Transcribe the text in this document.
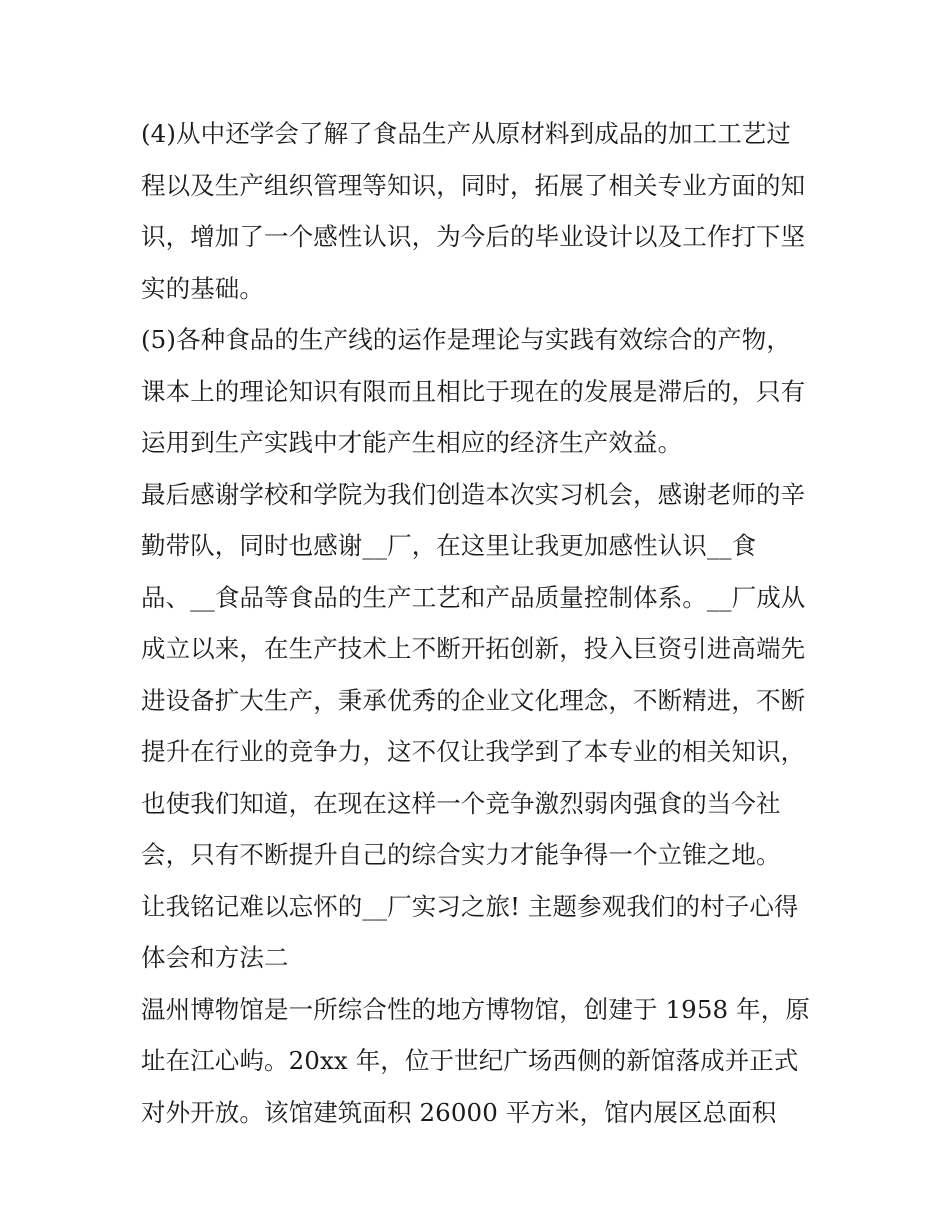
(4)从中还学会了解了食品生产从原材料到成品的加工工艺过
程以及生产组织管理等知识，同时，拓展了相关专业方面的知
识，增加了一个感性认识，为今后的毕业设计以及工作打下坚
实的基础。
(5)各种食品的生产线的运作是理论与实践有效综合的产物，
课本上的理论知识有限而且相比于现在的发展是滞后的，只有
运用到生产实践中才能产生相应的经济生产效益。
最后感谢学校和学院为我们创造本次实习机会，感谢老师的辛
勤带队，同时也感谢__厂，在这里让我更加感性认识__食
品、__食品等食品的生产工艺和产品质量控制体系。__厂成从
成立以来，在生产技术上不断开拓创新，投入巨资引进高端先
进设备扩大生产，秉承优秀的企业文化理念，不断精进，不断
提升在行业的竞争力，这不仅让我学到了本专业的相关知识，
也使我们知道，在现在这样一个竞争激烈弱肉强食的当今社
会，只有不断提升自己的综合实力才能争得一个立锥之地。
让我铭记难以忘怀的__厂实习之旅! 主题参观我们的村子心得
体会和方法二
温州博物馆是一所综合性的地方博物馆，创建于 1958 年，原
址在江心屿。20xx 年，位于世纪广场西侧的新馆落成并正式
对外开放。该馆建筑面积 26000 平方米，馆内展区总面积
